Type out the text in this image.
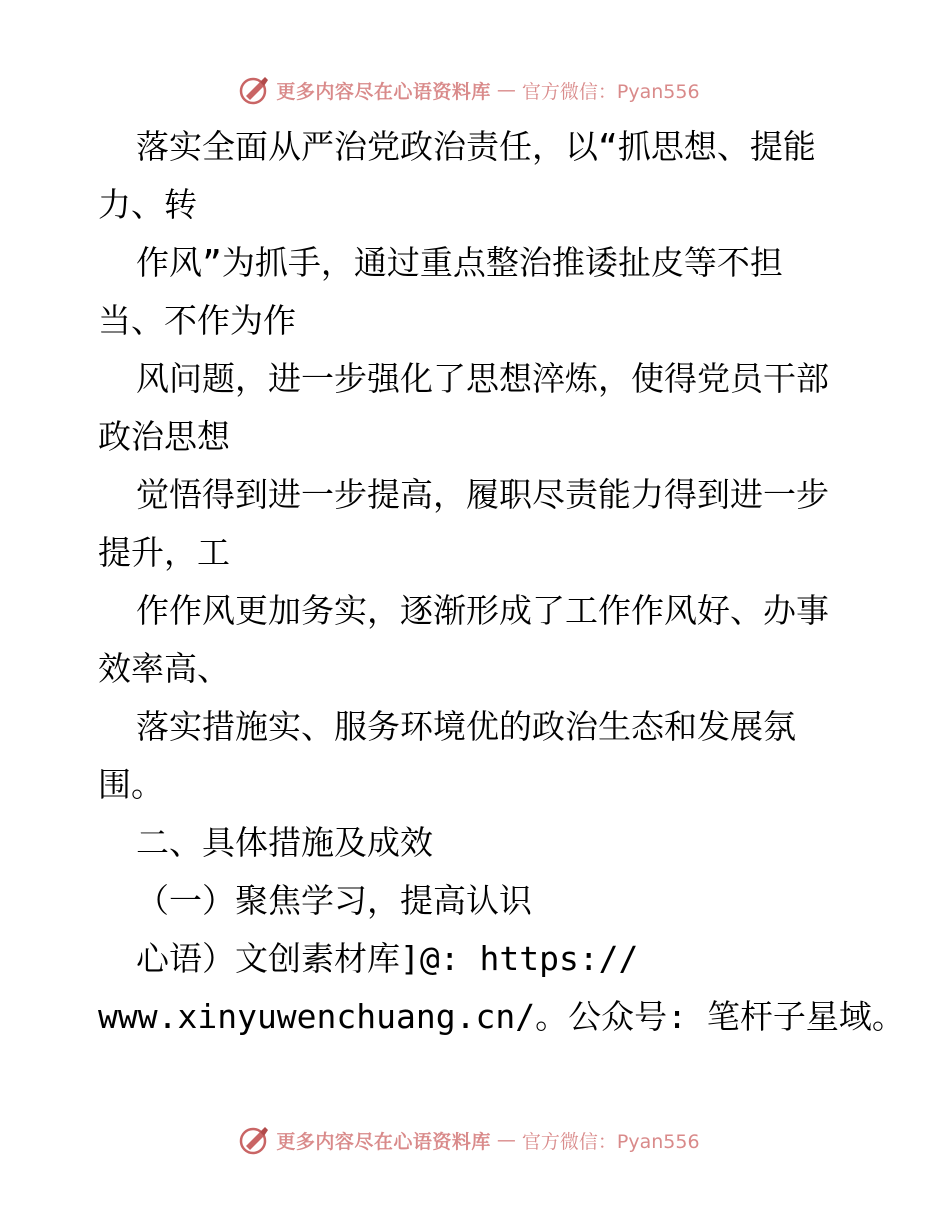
更多内容尽在心语资料库 — 官方微信：Pyan556
落实全面从严治党政治责任，以“抓思想、提能
力、转
作风”为抓手，通过重点整治推诿扯皮等不担
当、不作为作
风问题，进一步强化了思想淬炼，使得党员干部
政治思想
觉悟得到进一步提高，履职尽责能力得到进一步
提升，工
作作风更加务实，逐渐形成了工作作风好、办事
效率高、
落实措施实、服务环境优的政治生态和发展氛
围。
二、具体措施及成效
（一）聚焦学习，提高认识
心语）文创素材库]@: https://
www.xinyuwenchuang.cn/。公众号: 笔杆子星域。
更多内容尽在心语资料库 — 官方微信：Pyan556
